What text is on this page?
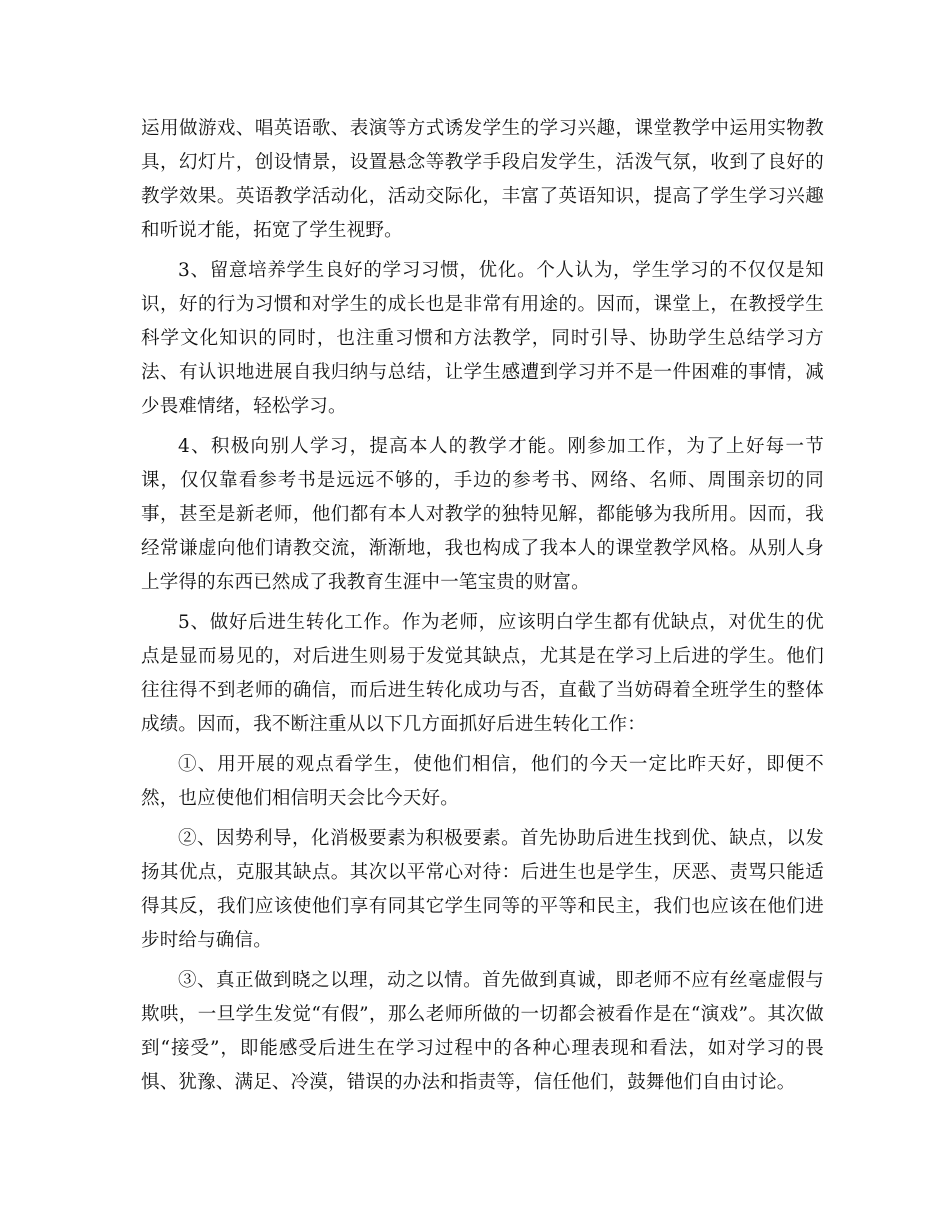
运用做游戏、唱英语歌、表演等方式诱发学生的学习兴趣，课堂教学中运用实物教具，幻灯片，创设情景，设置悬念等教学手段启发学生，活泼气氛，收到了良好的教学效果。英语教学活动化，活动交际化，丰富了英语知识，提高了学生学习兴趣和听说才能，拓宽了学生视野。

3、留意培养学生良好的学习习惯，优化。个人认为，学生学习的不仅仅是知识，好的行为习惯和对学生的成长也是非常有用途的。因而，课堂上，在教授学生科学文化知识的同时，也注重习惯和方法教学，同时引导、协助学生总结学习方法、有认识地进展自我归纳与总结，让学生感遭到学习并不是一件困难的事情，减少畏难情绪，轻松学习。

4、积极向别人学习，提高本人的教学才能。刚参加工作，为了上好每一节课，仅仅靠看参考书是远远不够的，手边的参考书、网络、名师、周围亲切的同事，甚至是新老师，他们都有本人对教学的独特见解，都能够为我所用。因而，我经常谦虚向他们请教交流，渐渐地，我也构成了我本人的课堂教学风格。从别人身上学得的东西已然成了我教育生涯中一笔宝贵的财富。

5、做好后进生转化工作。作为老师，应该明白学生都有优缺点，对优生的优点是显而易见的，对后进生则易于发觉其缺点，尤其是在学习上后进的学生。他们往往得不到老师的确信，而后进生转化成功与否，直截了当妨碍着全班学生的整体成绩。因而，我不断注重从以下几方面抓好后进生转化工作：

①、用开展的观点看学生，使他们相信，他们的今天一定比昨天好，即便不然，也应使他们相信明天会比今天好。

②、因势利导，化消极要素为积极要素。首先协助后进生找到优、缺点，以发扬其优点，克服其缺点。其次以平常心对待：后进生也是学生，厌恶、责骂只能适得其反，我们应该使他们享有同其它学生同等的平等和民主，我们也应该在他们进步时给与确信。

③、真正做到晓之以理，动之以情。首先做到真诚，即老师不应有丝毫虚假与欺哄，一旦学生发觉“有假”，那么老师所做的一切都会被看作是在“演戏”。其次做到“接受”，即能感受后进生在学习过程中的各种心理表现和看法，如对学习的畏惧、犹豫、满足、冷漠，错误的办法和指责等，信任他们，鼓舞他们自由讨论。
